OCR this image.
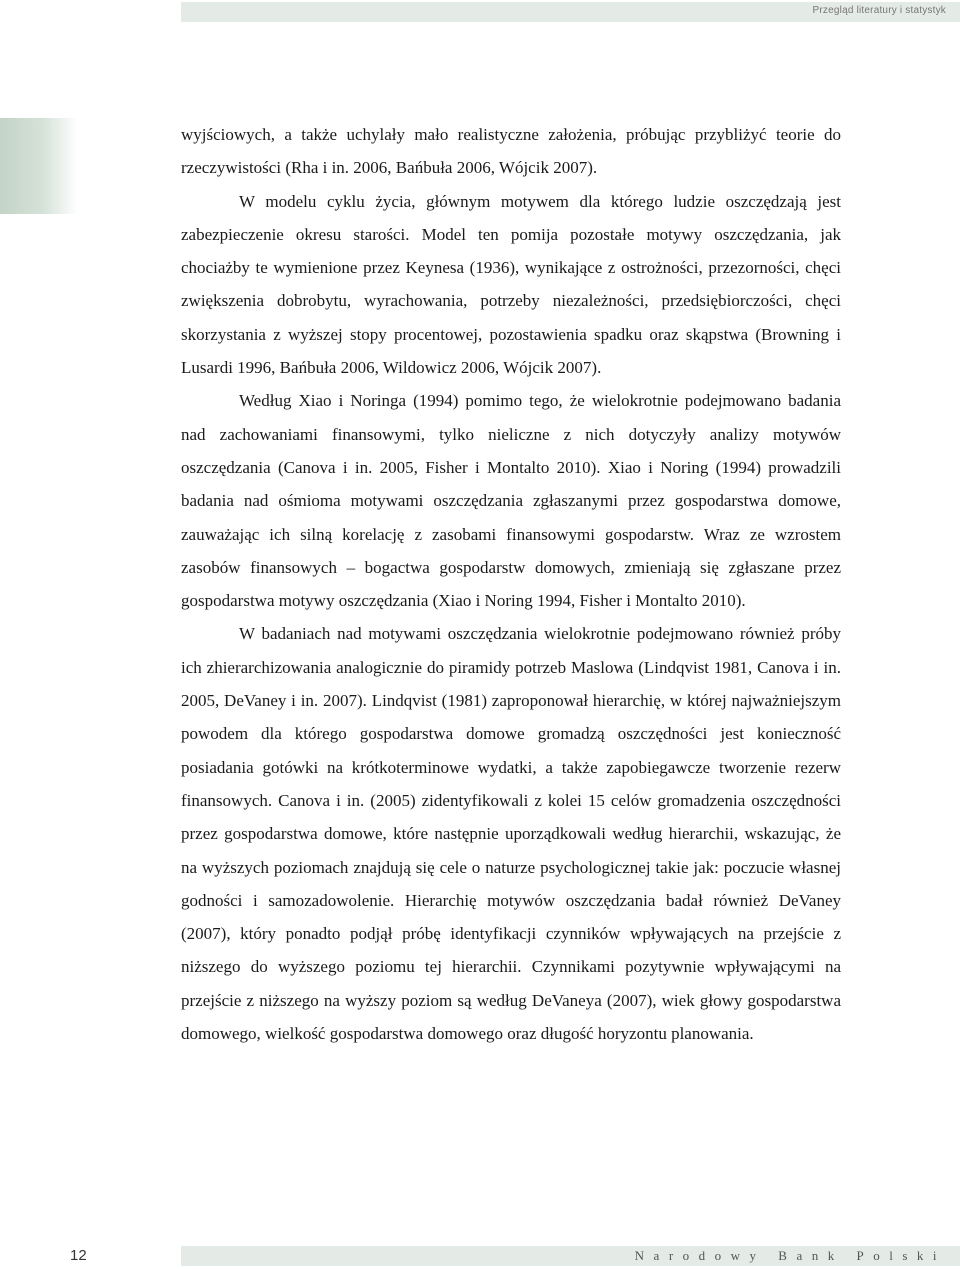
Przegląd literatury i statystyk

wyjściowych, a także uchylały mało realistyczne założenia, próbując przybliżyć teorie do rzeczywistości (Rha i in. 2006, Bańbuła 2006, Wójcik 2007).

W modelu cyklu życia, głównym motywem dla którego ludzie oszczędzają jest zabezpieczenie okresu starości. Model ten pomija pozostałe motywy oszczędzania, jak chociażby te wymienione przez Keynesa (1936), wynikające z ostrożności, przezorności, chęci zwiększenia dobrobytu, wyrachowania, potrzeby niezależności, przedsiębiorczości, chęci skorzystania z wyższej stopy procentowej, pozostawienia spadku oraz skąpstwa (Browning i Lusardi 1996, Bańbuła 2006, Wildowicz 2006, Wójcik 2007).

Według Xiao i Noringa (1994) pomimo tego, że wielokrotnie podejmowano badania nad zachowaniami finansowymi, tylko nieliczne z nich dotyczyły analizy motywów oszczędzania (Canova i in. 2005, Fisher i Montalto 2010). Xiao i Noring (1994) prowadzili badania nad ośmioma motywami oszczędzania zgłaszanymi przez gospodarstwa domowe, zauważając ich silną korelację z zasobami finansowymi gospodarstw. Wraz ze wzrostem zasobów finansowych – bogactwa gospodarstw domowych, zmieniają się zgłaszane przez gospodarstwa motywy oszczędzania (Xiao i Noring 1994, Fisher i Montalto 2010).

W badaniach nad motywami oszczędzania wielokrotnie podejmowano również próby ich zhierarchizowania analogicznie do piramidy potrzeb Maslowa (Lindqvist 1981, Canova i in. 2005, DeVaney i in. 2007). Lindqvist (1981) zaproponował hierarchię, w której najważniejszym powodem dla którego gospodarstwa domowe gromadzą oszczędności jest konieczność posiadania gotówki na krótkoterminowe wydatki, a także zapobiegawcze tworzenie rezerw finansowych. Canova i in. (2005) zidentyfikowali z kolei 15 celów gromadzenia oszczędności przez gospodarstwa domowe, które następnie uporządkowali według hierarchii, wskazując, że na wyższych poziomach znajdują się cele o naturze psychologicznej takie jak: poczucie własnej godności i samozadowolenie. Hierarchię motywów oszczędzania badał również DeVaney (2007), który ponadto podjął próbę identyfikacji czynników wpływających na przejście z niższego do wyższego poziomu tej hierarchii. Czynnikami pozytywnie wpływającymi na przejście z niższego na wyższy poziom są według DeVaneya (2007), wiek głowy gospodarstwa domowego, wielkość gospodarstwa domowego oraz długość horyzontu planowania.

12	Narodowy Bank Polski
